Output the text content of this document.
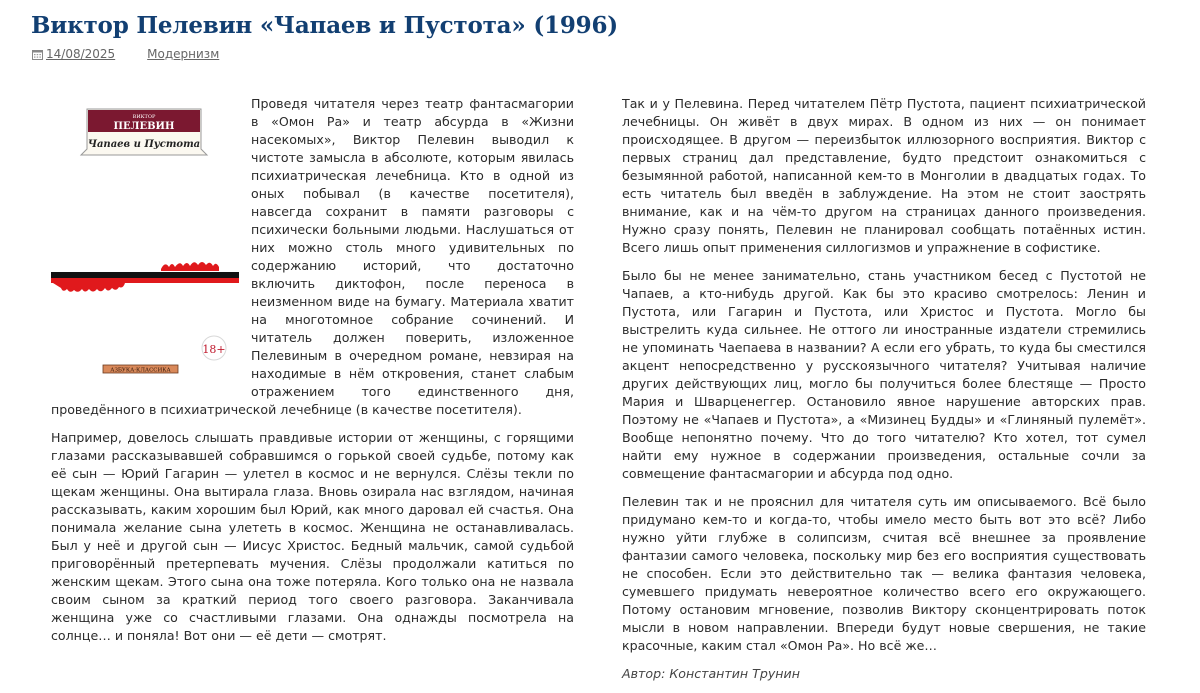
Виктор Пелевин «Чапаев и Пустота» (1996)
14/08/2025	Модернизм
ВИКТОР
ПЕЛЕВИН
Чапаев и Пустота
18+
АЗБУКА·КЛАССИКА

Проведя читателя через театр фантасмагории в «Омон Ра» и театр абсурда в «Жизни насекомых», Виктор Пелевин выводил к чистоте замысла в абсолюте, которым явилась психиатрическая лечебница. Кто в одной из оных побывал (в качестве посетителя), навсегда сохранит в памяти разговоры с психически больными людьми. Наслушаться от них можно столь много удивительных по содержанию историй, что достаточно включить диктофон, после переноса в неизменном виде на бумагу. Материала хватит на многотомное собрание сочинений. И читатель должен поверить, изложенное Пелевиным в очередном романе, невзирая на находимые в нём откровения, станет слабым отражением того единственного дня, проведённого в психиатрической лечебнице (в качестве посетителя).

Например, довелось слышать правдивые истории от женщины, с горящими глазами рассказывавшей собравшимся о горькой своей судьбе, потому как её сын — Юрий Гагарин — улетел в космос и не вернулся. Слёзы текли по щекам женщины. Она вытирала глаза. Вновь озирала нас взглядом, начиная рассказывать, каким хорошим был Юрий, как много даровал ей счастья. Она понимала желание сына улететь в космос. Женщина не останавливалась. Был у неё и другой сын — Иисус Христос. Бедный мальчик, самой судьбой приговорённый претерпевать мучения. Слёзы продолжали катиться по женским щекам. Этого сына она тоже потеряла. Кого только она не назвала своим сыном за краткий период того своего разговора. Заканчивала женщина уже со счастливыми глазами. Она однажды посмотрела на солнце… и поняла! Вот они — её дети — смотрят.

Так и у Пелевина. Перед читателем Пётр Пустота, пациент психиатрической лечебницы. Он живёт в двух мирах. В одном из них — он понимает происходящее. В другом — переизбыток иллюзорного восприятия. Виктор с первых страниц дал представление, будто предстоит ознакомиться с безымянной работой, написанной кем-то в Монголии в двадцатых годах. То есть читатель был введён в заблуждение. На этом не стоит заострять внимание, как и на чём-то другом на страницах данного произведения. Нужно сразу понять, Пелевин не планировал сообщать потаённых истин. Всего лишь опыт применения силлогизмов и упражнение в софистике.

Было бы не менее занимательно, стань участником бесед с Пустотой не Чапаев, а кто-нибудь другой. Как бы это красиво смотрелось: Ленин и Пустота, или Гагарин и Пустота, или Христос и Пустота. Могло бы выстрелить куда сильнее. Не оттого ли иностранные издатели стремились не упоминать Чаепаева в названии? А если его убрать, то куда бы сместился акцент непосредственно у русскоязычного читателя? Учитывая наличие других действующих лиц, могло бы получиться более блестяще — Просто Мария и Шварценеггер. Остановило явное нарушение авторских прав. Поэтому не «Чапаев и Пустота», а «Мизинец Будды» и «Глиняный пулемёт». Вообще непонятно почему. Что до того читателю? Кто хотел, тот сумел найти ему нужное в содержании произведения, остальные сочли за совмещение фантасмагории и абсурда под одно.

Пелевин так и не прояснил для читателя суть им описываемого. Всё было придумано кем-то и когда-то, чтобы имело место быть вот это всё? Либо нужно уйти глубже в солипсизм, считая всё внешнее за проявление фантазии самого человека, поскольку мир без его восприятия существовать не способен. Если это действительно так — велика фантазия человека, сумевшего придумать невероятное количество всего его окружающего. Потому остановим мгновение, позволив Виктору сконцентрировать поток мысли в новом направлении. Впереди будут новые свершения, не такие красочные, каким стал «Омон Ра». Но всё же…

Автор: Константин Трунин
